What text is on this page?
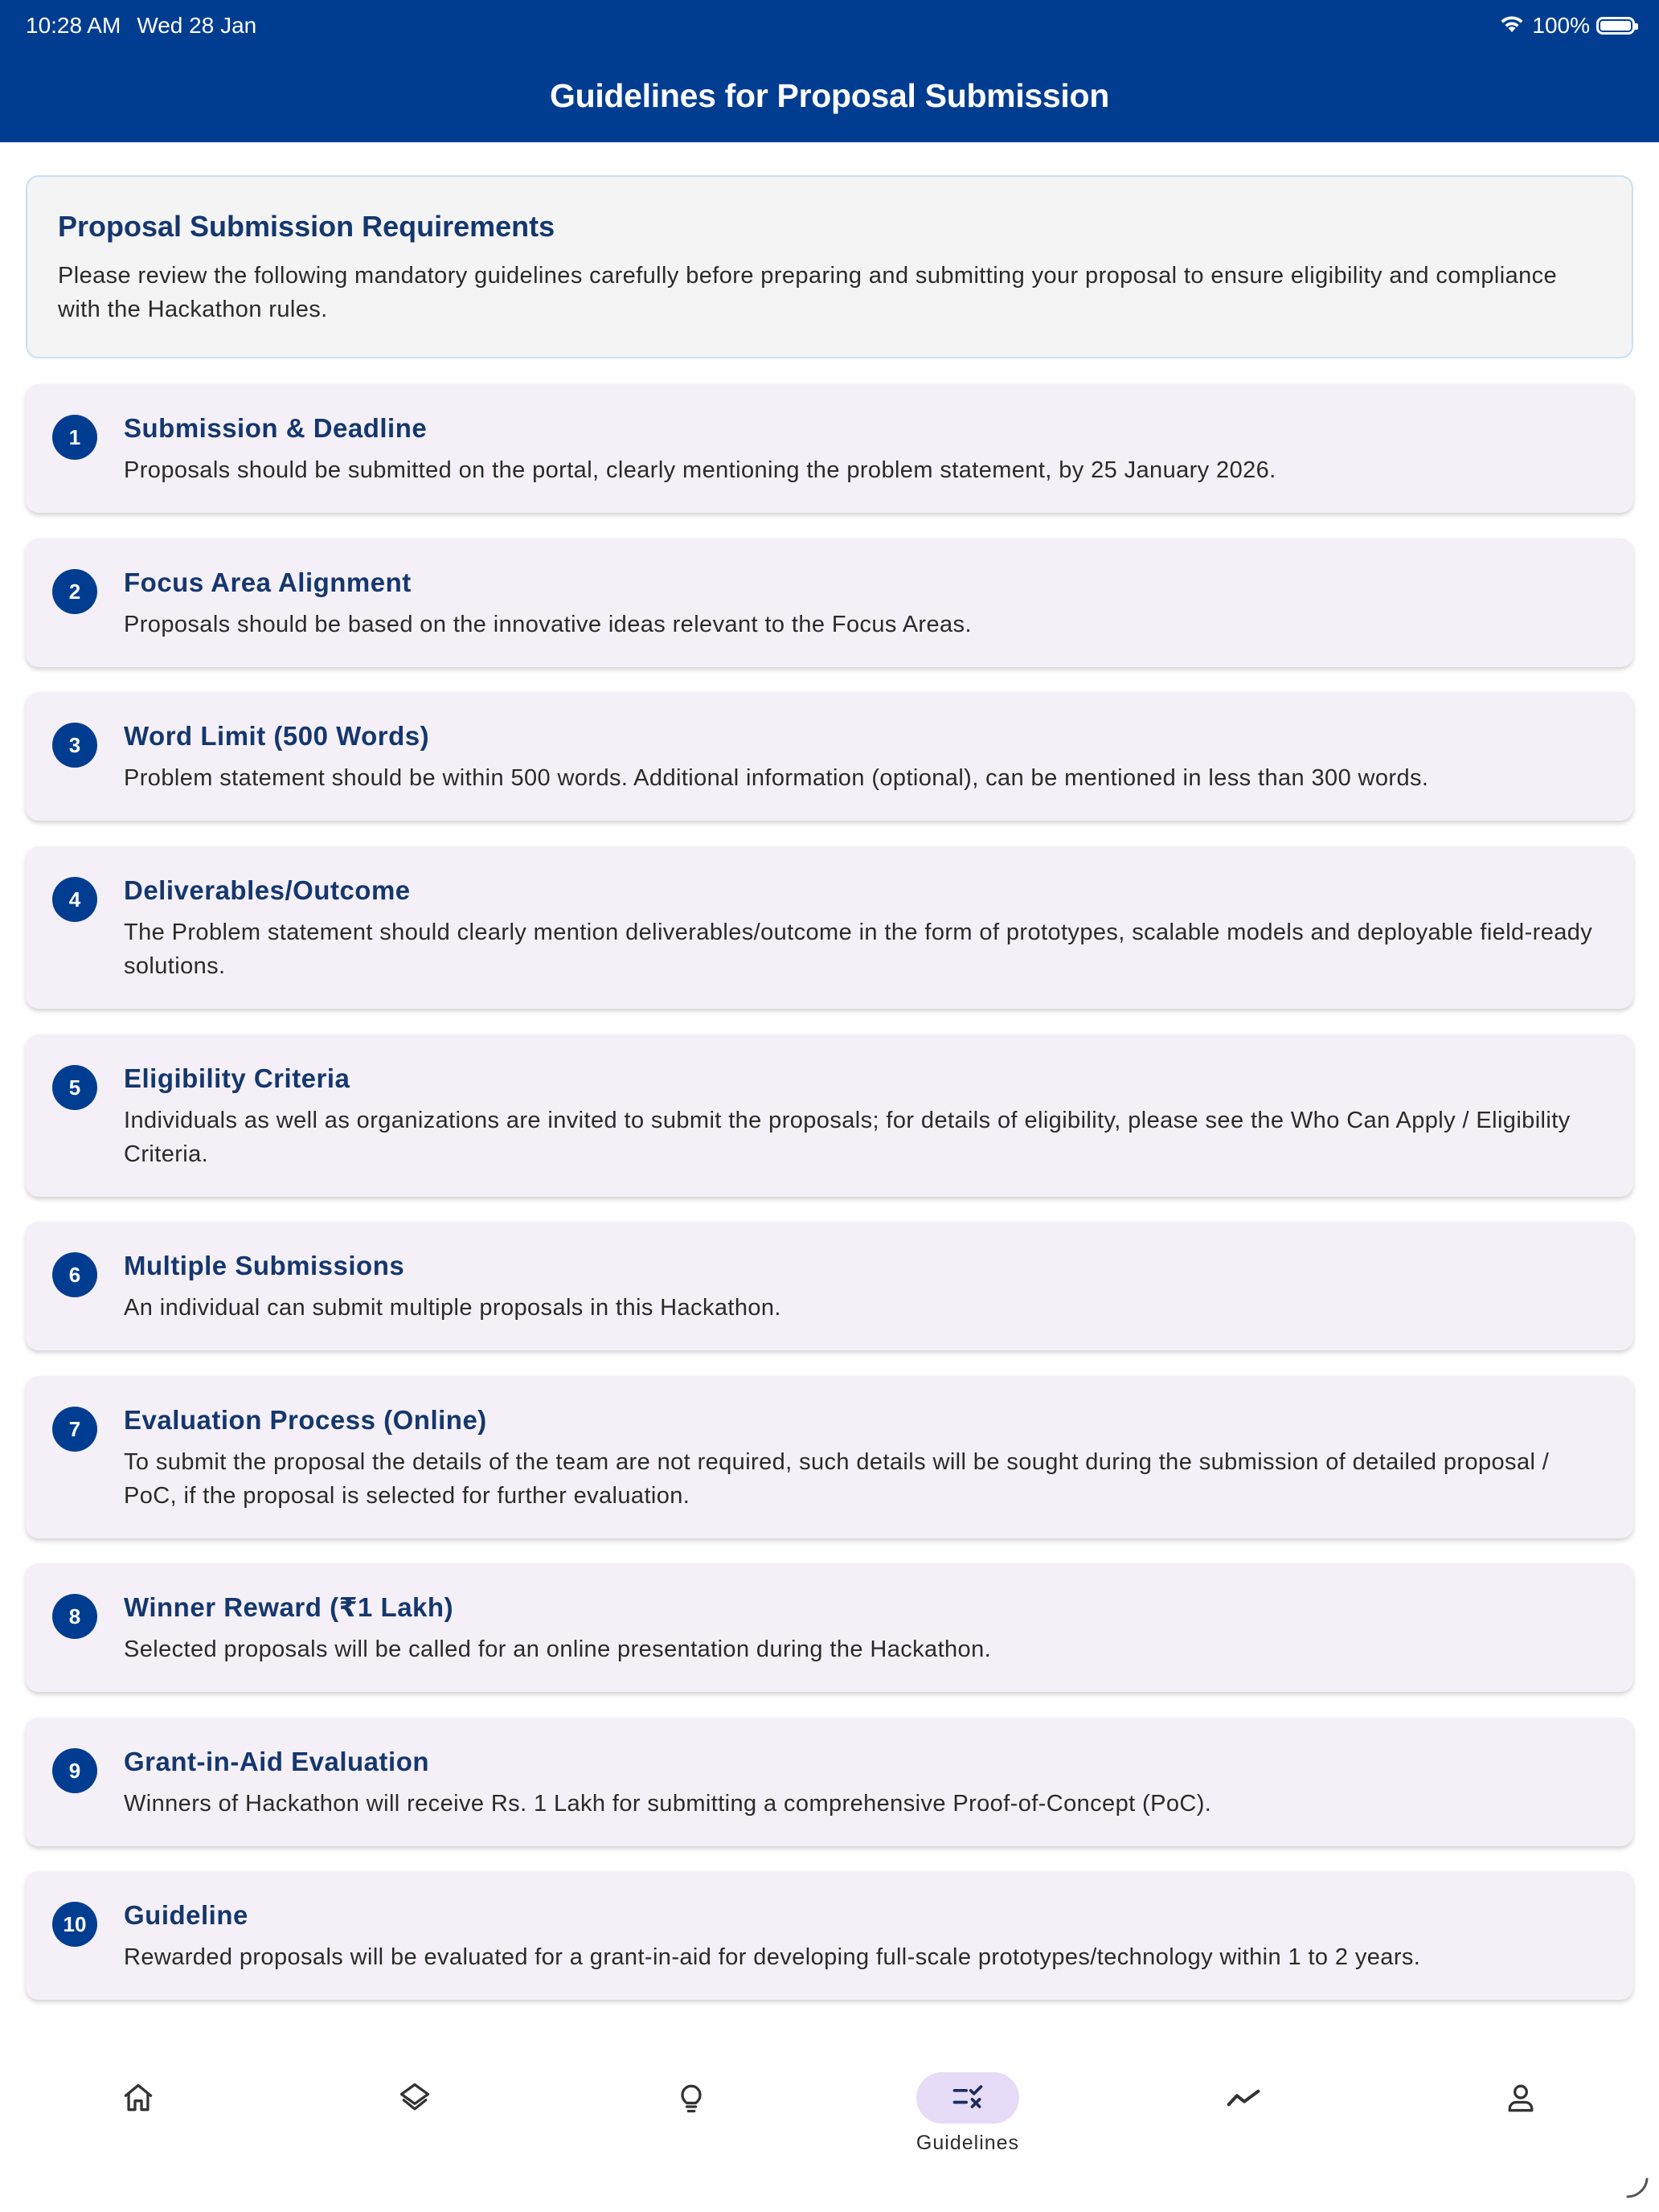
10:28 AM Wed 28 Jan	100%
Guidelines for Proposal Submission
Proposal Submission Requirements
Please review the following mandatory guidelines carefully before preparing and submitting your proposal to ensure eligibility and compliance with the Hackathon rules.
1	Submission & Deadline
Proposals should be submitted on the portal, clearly mentioning the problem statement, by 25 January 2026.
2	Focus Area Alignment
Proposals should be based on the innovative ideas relevant to the Focus Areas.
3	Word Limit (500 Words)
Problem statement should be within 500 words. Additional information (optional), can be mentioned in less than 300 words.
4	Deliverables/Outcome
The Problem statement should clearly mention deliverables/outcome in the form of prototypes, scalable models and deployable field-ready solutions.
5	Eligibility Criteria
Individuals as well as organizations are invited to submit the proposals; for details of eligibility, please see the Who Can Apply / Eligibility Criteria.
6	Multiple Submissions
An individual can submit multiple proposals in this Hackathon.
7	Evaluation Process (Online)
To submit the proposal the details of the team are not required, such details will be sought during the submission of detailed proposal / PoC, if the proposal is selected for further evaluation.
8	Winner Reward (₹1 Lakh)
Selected proposals will be called for an online presentation during the Hackathon.
9	Grant-in-Aid Evaluation
Winners of Hackathon will receive Rs. 1 Lakh for submitting a comprehensive Proof-of-Concept (PoC).
10	Guideline
Rewarded proposals will be evaluated for a grant-in-aid for developing full-scale prototypes/technology within 1 to 2 years.
Guidelines
